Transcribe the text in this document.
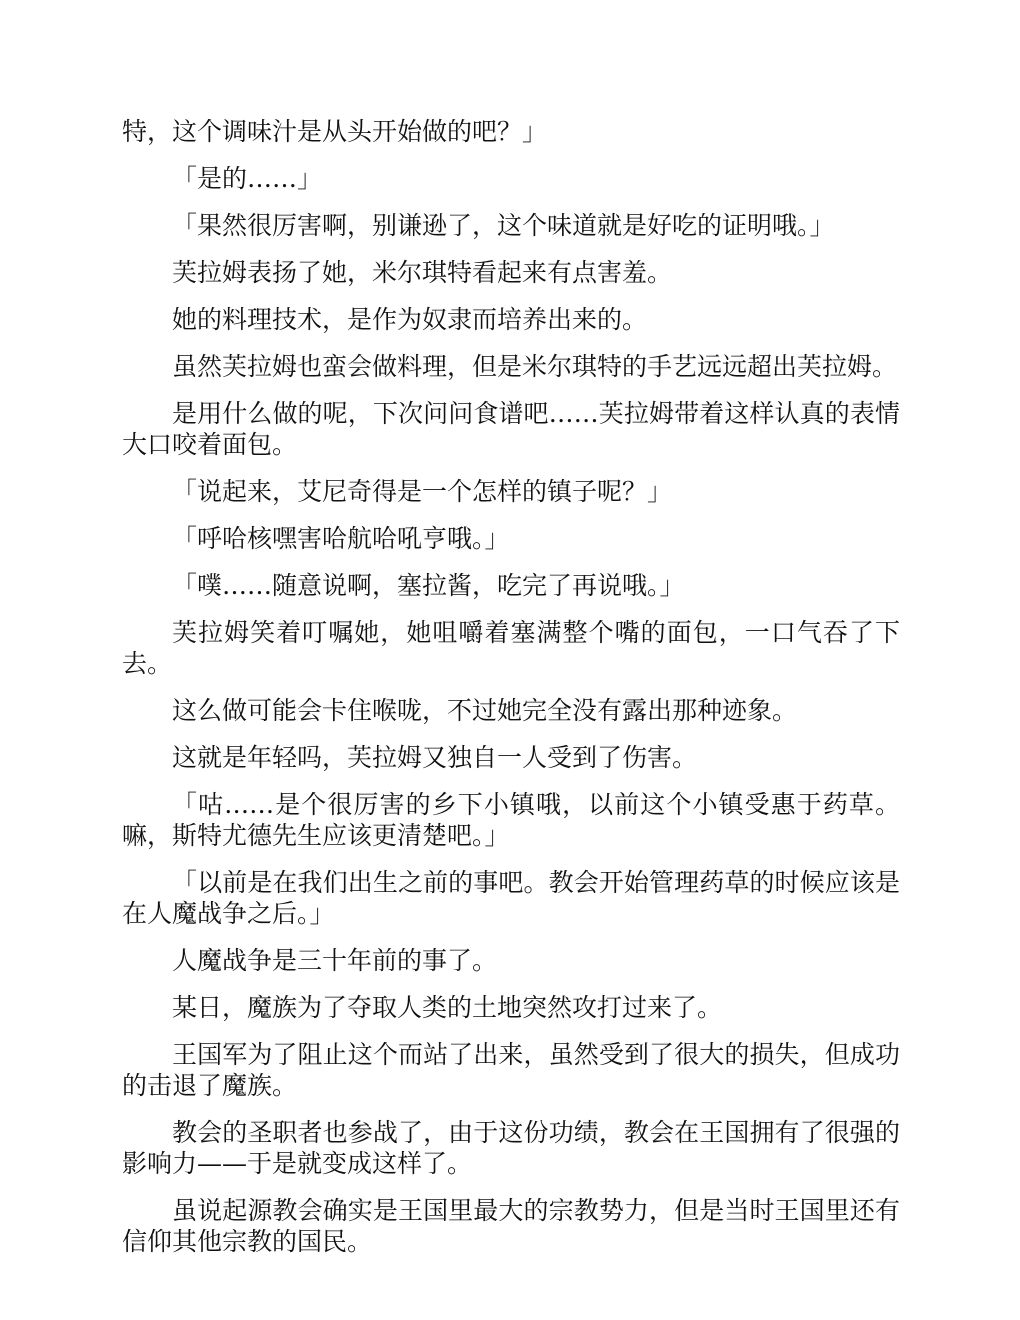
特，这个调味汁是从头开始做的吧？」

「是的……」

「果然很厉害啊，别谦逊了，这个味道就是好吃的证明哦。」

芙拉姆表扬了她，米尔琪特看起来有点害羞。

她的料理技术，是作为奴隶而培养出来的。

虽然芙拉姆也蛮会做料理，但是米尔琪特的手艺远远超出芙拉姆。

是用什么做的呢，下次问问食谱吧……芙拉姆带着这样认真的表情大口咬着面包。

「说起来，艾尼奇得是一个怎样的镇子呢？」

「呼哈核嘿害哈航哈吼亨哦。」

「噗……随意说啊，塞拉酱，吃完了再说哦。」

芙拉姆笑着叮嘱她，她咀嚼着塞满整个嘴的面包，一口气吞了下去。

这么做可能会卡住喉咙，不过她完全没有露出那种迹象。

这就是年轻吗，芙拉姆又独自一人受到了伤害。

「咕……是个很厉害的乡下小镇哦，以前这个小镇受惠于药草。嘛，斯特尤德先生应该更清楚吧。」

「以前是在我们出生之前的事吧。教会开始管理药草的时候应该是在人魔战争之后。」

人魔战争是三十年前的事了。

某日，魔族为了夺取人类的土地突然攻打过来了。

王国军为了阻止这个而站了出来，虽然受到了很大的损失，但成功的击退了魔族。

教会的圣职者也参战了，由于这份功绩，教会在王国拥有了很强的影响力——于是就变成这样了。

虽说起源教会确实是王国里最大的宗教势力，但是当时王国里还有信仰其他宗教的国民。
